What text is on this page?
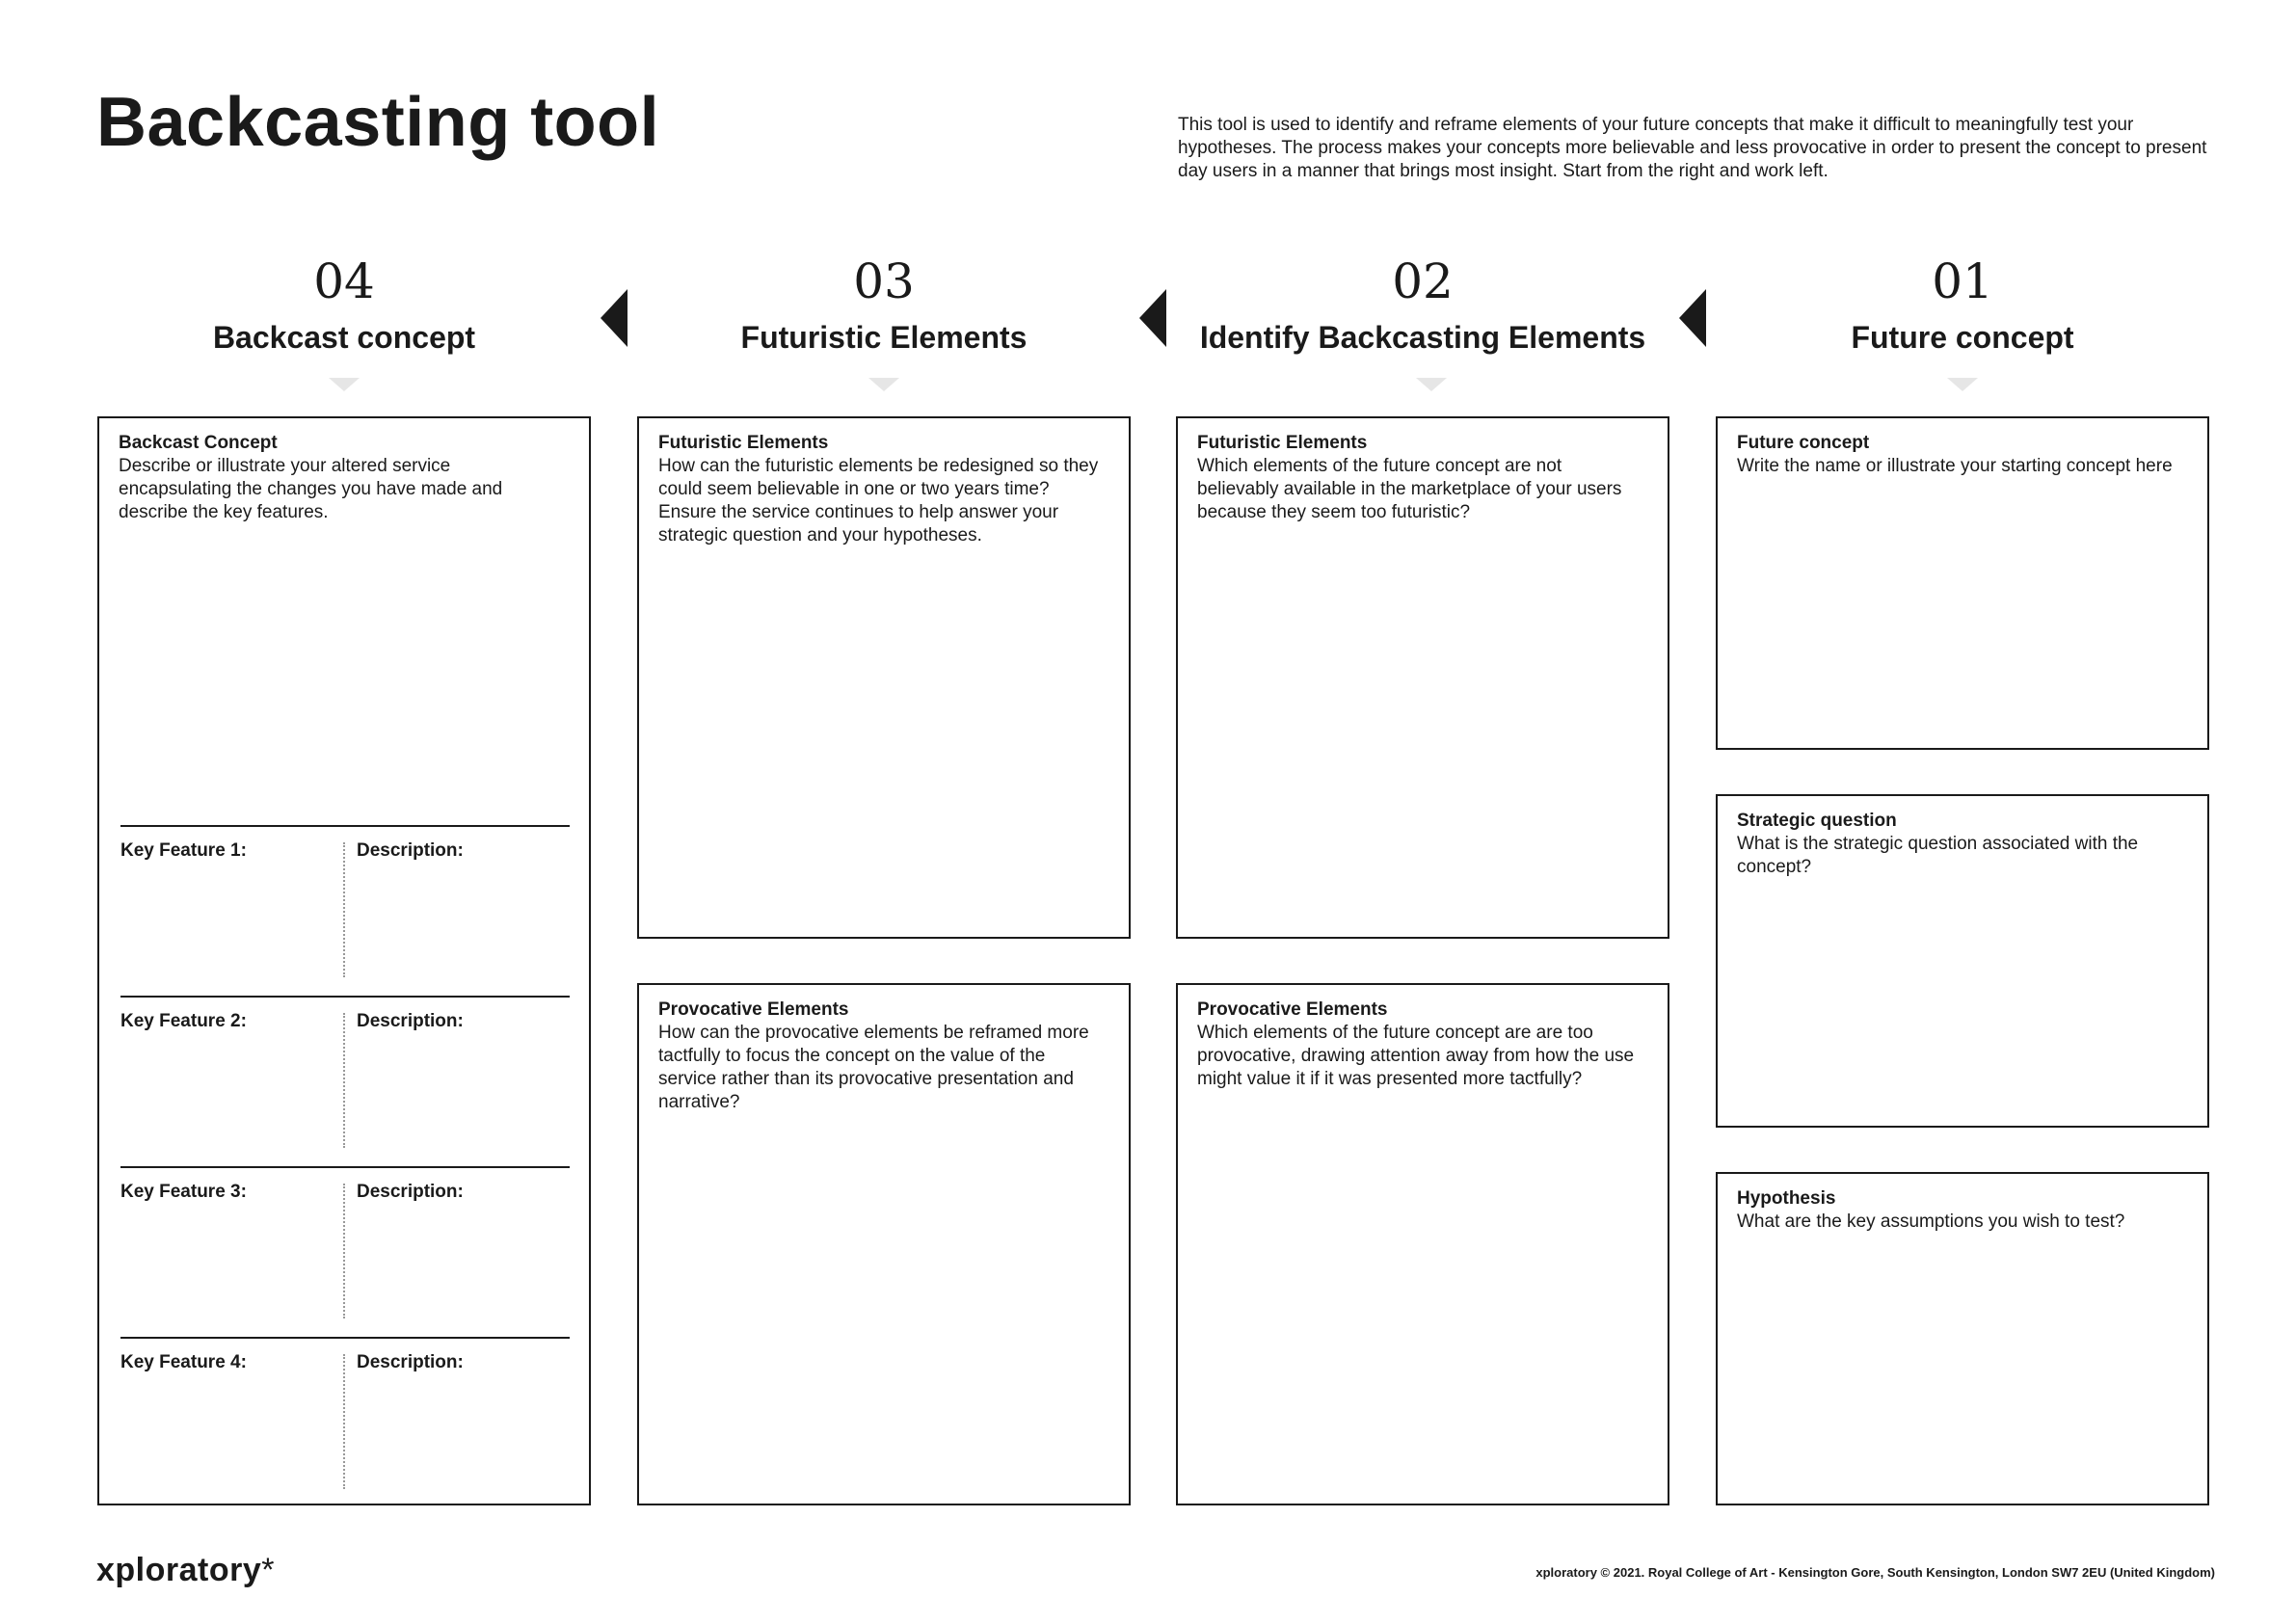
Backcasting tool	This tool is used to identify and reframe elements of your future concepts that make it difficult to meaningfully test your hypotheses. The process makes your concepts more believable and less provocative in order to present the concept to present day users in a manner that brings most insight. Start from the right and work left.
04
Backcast concept
03
Futuristic Elements
02
Identify Backcasting Elements
01
Future concept
Backcast Concept
Describe or illustrate your altered service encapsulating the changes you have made and describe the key features.
Key Feature 1:	Description:
Key Feature 2:	Description:
Key Feature 3:	Description:
Key Feature 4:	Description:
Futuristic Elements
How can the futuristic elements be redesigned so they could seem believable in one or two years time? Ensure the service continues to help answer your strategic question and your hypotheses.
Provocative Elements
How can the provocative elements be reframed more tactfully to focus the concept on the value of the service rather than its provocative presentation and narrative?
Futuristic Elements
Which elements of the future concept are not believably available in the marketplace of your users because they seem too futuristic?
Provocative Elements
Which elements of the future concept are are too provocative, drawing attention away from how the use might value it if it was presented more tactfully?
Future concept
Write the name or illustrate your starting concept here
Strategic question
What is the strategic question associated with the concept?
Hypothesis
What are the key assumptions you wish to test?
xploratory*	xploratory © 2021. Royal College of Art - Kensington Gore, South Kensington, London SW7 2EU (United Kingdom)
